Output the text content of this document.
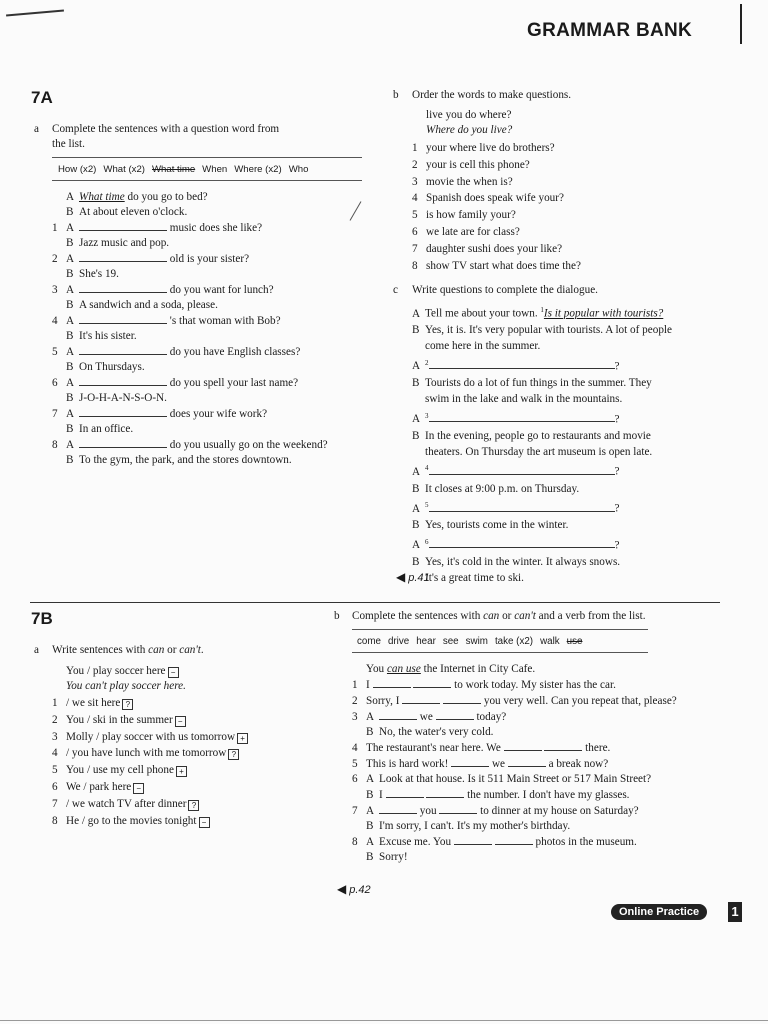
GRAMMAR BANK
7A
a Complete the sentences with a question word from
the list.
How (x2) What (x2) What time When Where (x2) Who
A What time do you go to bed?
B At about eleven o'clock.
1 A	music does she like?
B Jazz music and pop.
2 A	old is your sister?
B She's 19.
3 A	do you want for lunch?
B A sandwich and a soda, please.
4 A	's that woman with Bob?
B It's his sister.
5 A	do you have English classes?
B On Thursdays.
6 A	do you spell your last name?
B J-O-H-A-N-S-O-N.
7 A	does your wife work?
B In an office.
8 A	do you usually go on the weekend?
B To the gym, the park, and the stores downtown.
b Order the words to make questions.
live you do where?
Where do you live?
1 your where live do brothers?
2 your is cell this phone?
3 movie the when is?
4 Spanish does speak wife your?
5 is how family your?
6 we late are for class?
7 daughter sushi does your like?
8 show TV start what does time the?
c Write questions to complete the dialogue.
A Tell me about your town. $^1$Is it popular with tourists?
B Yes, it is. It's very popular with tourists. A lot of people
come here in the summer.
A $^2$	?
B Tourists do a lot of fun things in the summer. They
swim in the lake and walk in the mountains.
A $^3$	?
B In the evening, people go to restaurants and movie
theaters. On Thursday the art museum is open late.
A $^4$	?
B It closes at 9:00 p.m. on Thursday.
A $^5$	?
B Yes, tourists come in the winter.
A $^6$	?
B Yes, it's cold in the winter. It always snows.
It's a great time to ski.
◀ p.41
7B
a Write sentences with can or can't.
You / play soccer here −
You can't play soccer here.
1 / we sit here ?
2 You / ski in the summer −
3 Molly / play soccer with us tomorrow +
4 / you have lunch with me tomorrow ?
5 You / use my cell phone +
6 We / park here −
7 / we watch TV after dinner ?
8 He / go to the movies tonight −
b Complete the sentences with can or can't and a verb from the list.
come drive hear see swim take (x2) walk use
You can use the Internet in City Cafe.
1 I	to work today. My sister has the car.
2 Sorry, I	you very well. Can you repeat that, please?
3 A	we	today?
B No, the water's very cold.
4 The restaurant's near here. We	there.
5 This is hard work!	we	a break now?
6 A Look at that house. Is it 511 Main Street or 517 Main Street?
B I	the number. I don't have my glasses.
7 A	you	to dinner at my house on Saturday?
B I'm sorry, I can't. It's my mother's birthday.
8 A Excuse me. You	photos in the museum.
B Sorry!
◀ p.42
Online Practice	1
